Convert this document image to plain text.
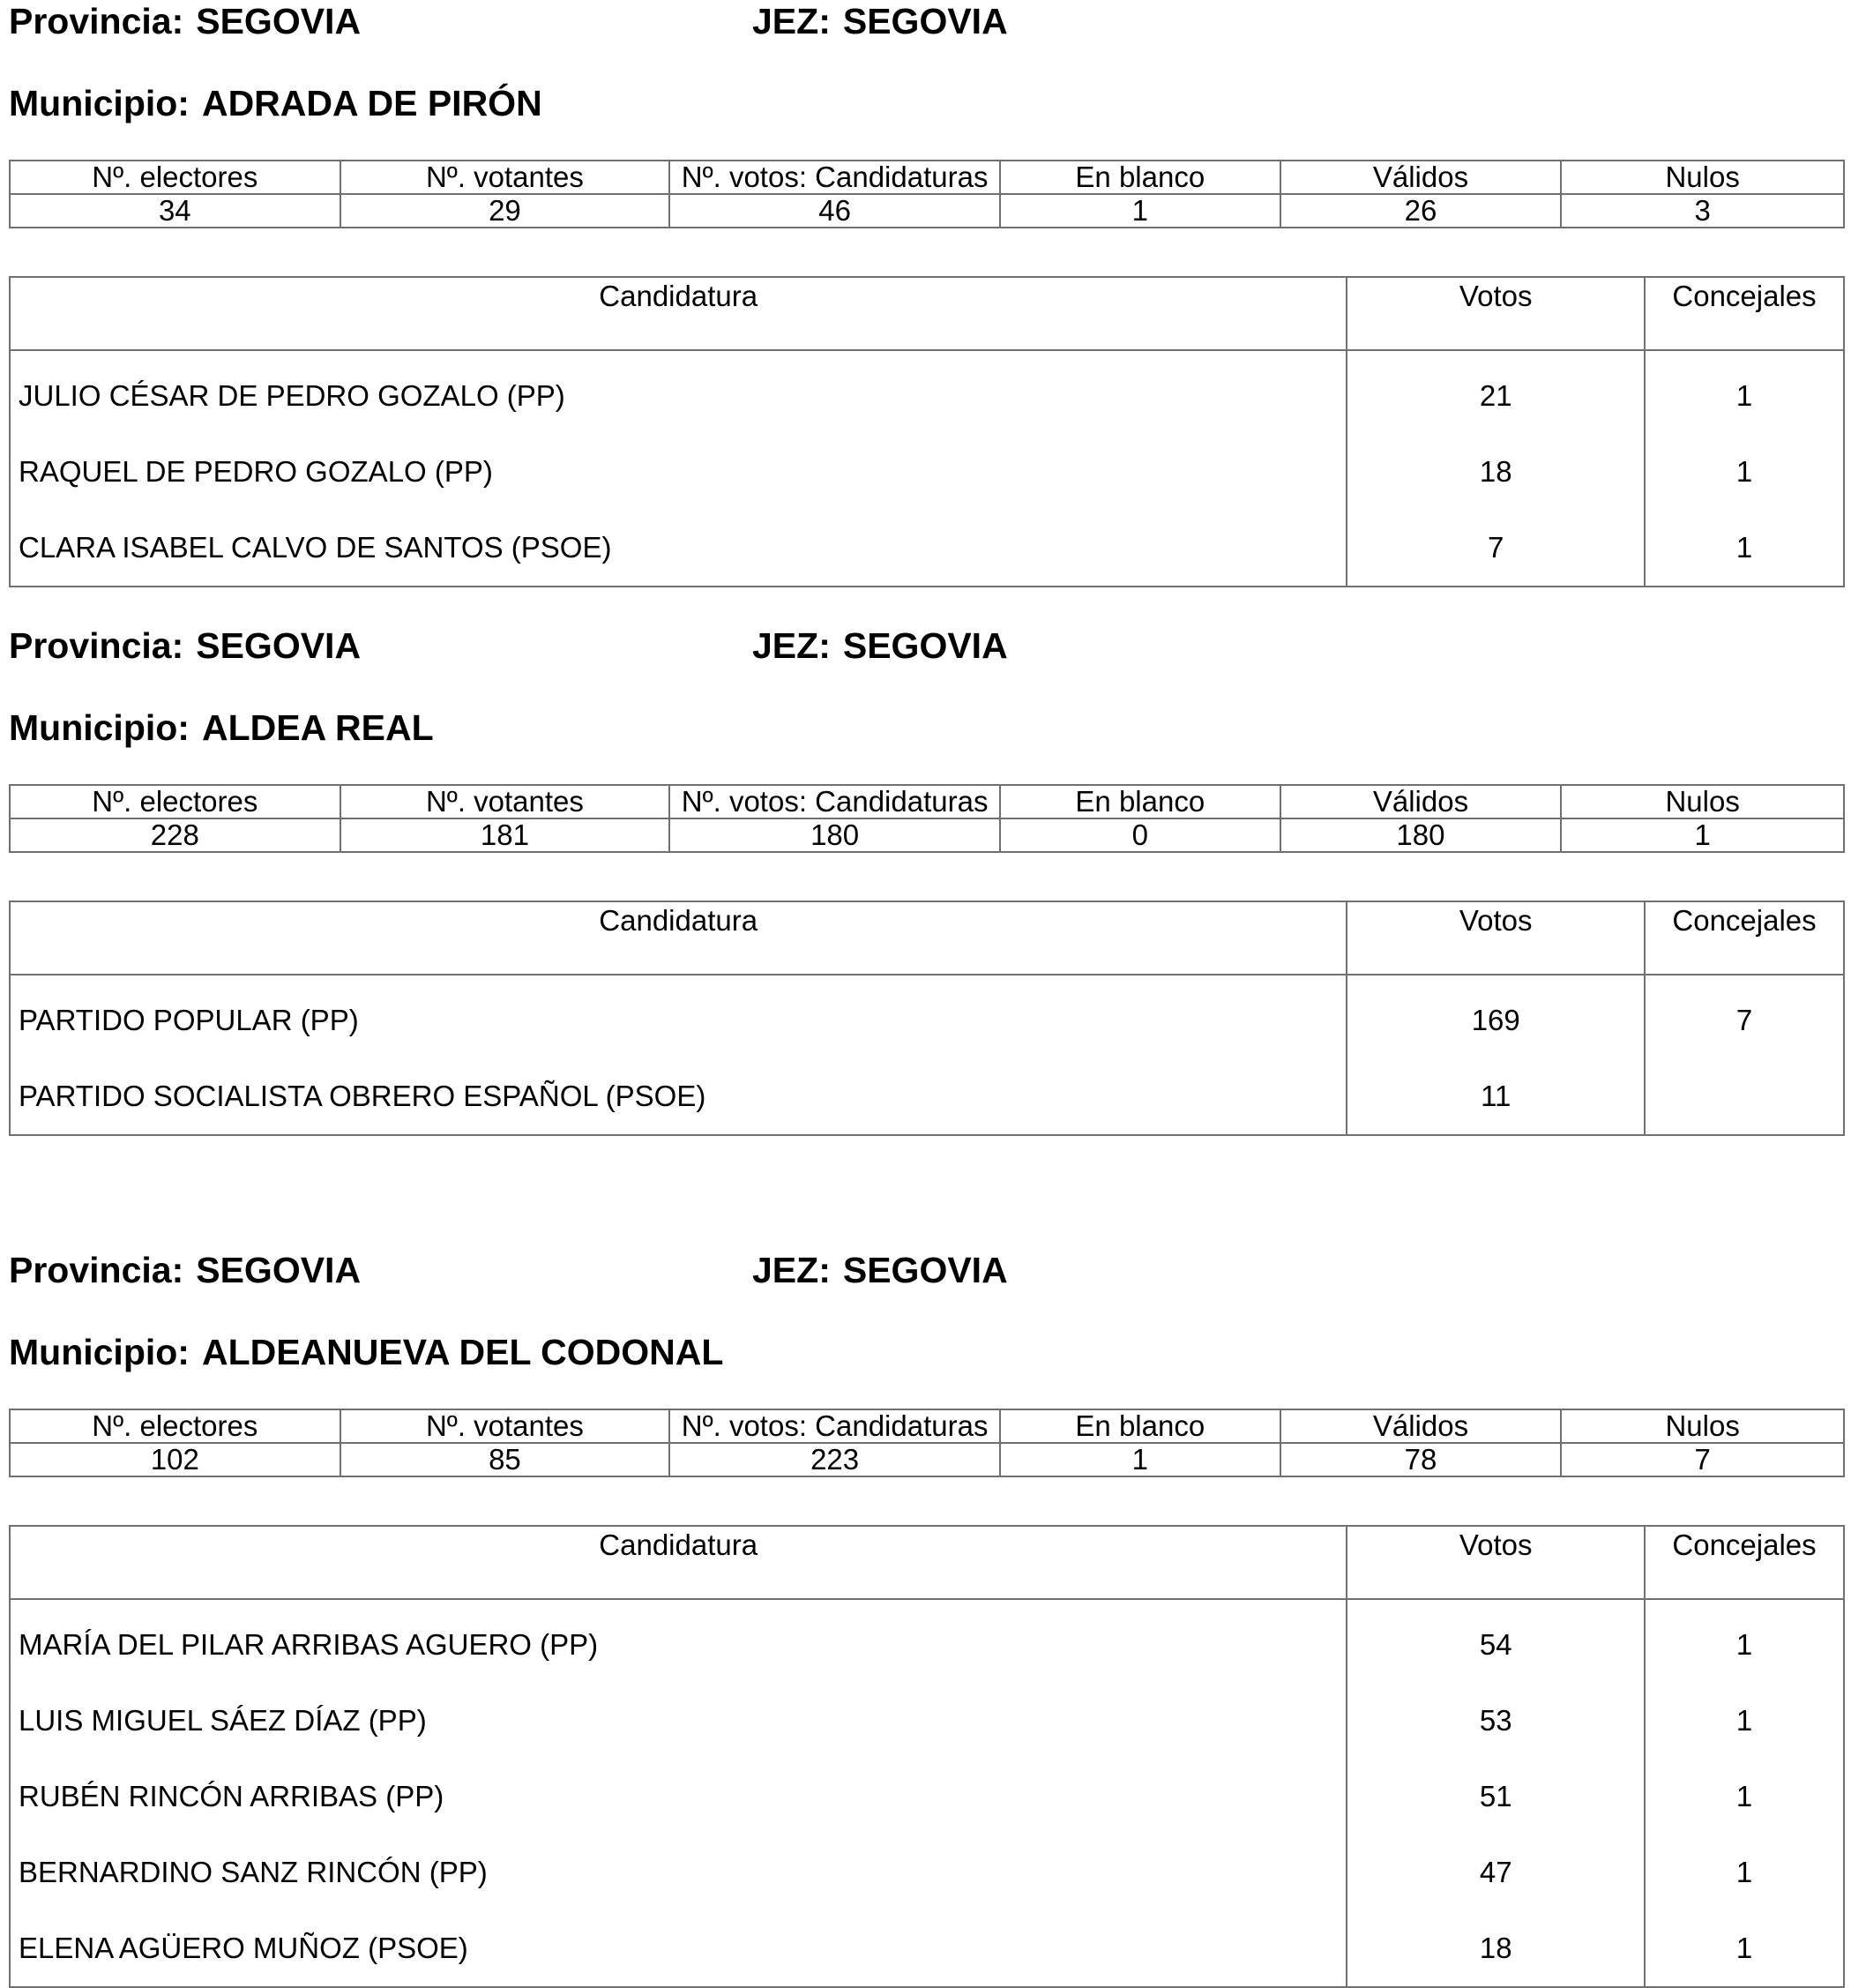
Provincia: SEGOVIA	JEZ: SEGOVIA
Municipio: ADRADA DE PIRÓN
Nº. electores	Nº. votantes	Nº. votos: Candidaturas	En blanco	Válidos	Nulos
34	29	46	1	26	3
Candidatura	Votos	Concejales
JULIO CÉSAR DE PEDRO GOZALO (PP)	21	1
RAQUEL DE PEDRO GOZALO (PP)	18	1
CLARA ISABEL CALVO DE SANTOS (PSOE)	7	1
Provincia: SEGOVIA	JEZ: SEGOVIA
Municipio: ALDEA REAL
Nº. electores	Nº. votantes	Nº. votos: Candidaturas	En blanco	Válidos	Nulos
228	181	180	0	180	1
Candidatura	Votos	Concejales
PARTIDO POPULAR (PP)	169	7
PARTIDO SOCIALISTA OBRERO ESPAÑOL (PSOE)	11	
Provincia: SEGOVIA	JEZ: SEGOVIA
Municipio: ALDEANUEVA DEL CODONAL
Nº. electores	Nº. votantes	Nº. votos: Candidaturas	En blanco	Válidos	Nulos
102	85	223	1	78	7
Candidatura	Votos	Concejales
MARÍA DEL PILAR ARRIBAS AGUERO (PP)	54	1
LUIS MIGUEL SÁEZ DÍAZ (PP)	53	1
RUBÉN RINCÓN ARRIBAS (PP)	51	1
BERNARDINO SANZ RINCÓN (PP)	47	1
ELENA AGÜERO MUÑOZ (PSOE)	18	1
